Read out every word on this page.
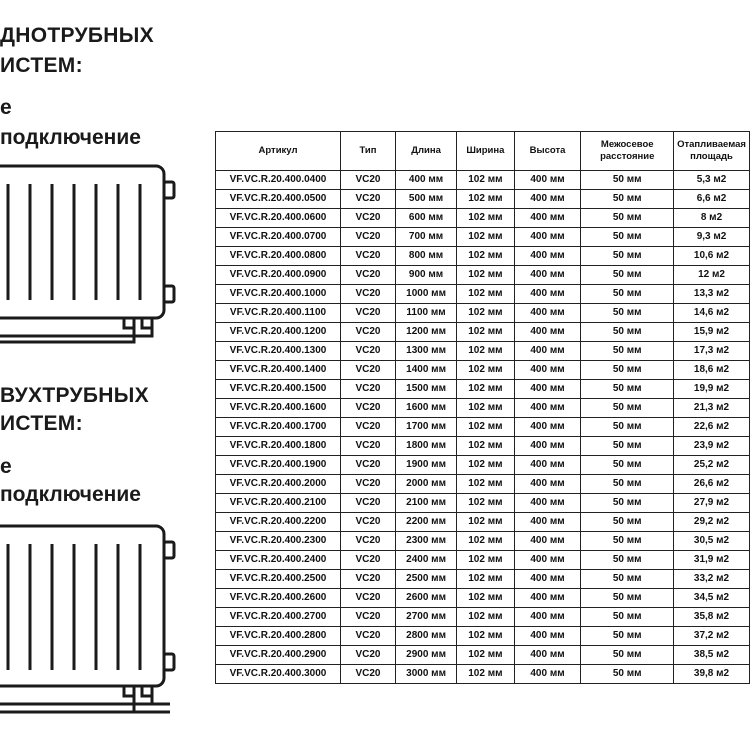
ДНОТРУБНЫХ
ИСТЕМ:
е
подключение
ВУХТРУБНЫХ
ИСТЕМ:
е
подключение
Артикул	Тип	Длина	Ширина	Высота	Межосевое расстояние	Отапливаемая площадь
VF.VC.R.20.400.0400	VC20	400 мм	102 мм	400 мм	50 мм	5,3 м2
VF.VC.R.20.400.0500	VC20	500 мм	102 мм	400 мм	50 мм	6,6 м2
VF.VC.R.20.400.0600	VC20	600 мм	102 мм	400 мм	50 мм	8 м2
VF.VC.R.20.400.0700	VC20	700 мм	102 мм	400 мм	50 мм	9,3 м2
VF.VC.R.20.400.0800	VC20	800 мм	102 мм	400 мм	50 мм	10,6 м2
VF.VC.R.20.400.0900	VC20	900 мм	102 мм	400 мм	50 мм	12 м2
VF.VC.R.20.400.1000	VC20	1000 мм	102 мм	400 мм	50 мм	13,3 м2
VF.VC.R.20.400.1100	VC20	1100 мм	102 мм	400 мм	50 мм	14,6 м2
VF.VC.R.20.400.1200	VC20	1200 мм	102 мм	400 мм	50 мм	15,9 м2
VF.VC.R.20.400.1300	VC20	1300 мм	102 мм	400 мм	50 мм	17,3 м2
VF.VC.R.20.400.1400	VC20	1400 мм	102 мм	400 мм	50 мм	18,6 м2
VF.VC.R.20.400.1500	VC20	1500 мм	102 мм	400 мм	50 мм	19,9 м2
VF.VC.R.20.400.1600	VC20	1600 мм	102 мм	400 мм	50 мм	21,3 м2
VF.VC.R.20.400.1700	VC20	1700 мм	102 мм	400 мм	50 мм	22,6 м2
VF.VC.R.20.400.1800	VC20	1800 мм	102 мм	400 мм	50 мм	23,9 м2
VF.VC.R.20.400.1900	VC20	1900 мм	102 мм	400 мм	50 мм	25,2 м2
VF.VC.R.20.400.2000	VC20	2000 мм	102 мм	400 мм	50 мм	26,6 м2
VF.VC.R.20.400.2100	VC20	2100 мм	102 мм	400 мм	50 мм	27,9 м2
VF.VC.R.20.400.2200	VC20	2200 мм	102 мм	400 мм	50 мм	29,2 м2
VF.VC.R.20.400.2300	VC20	2300 мм	102 мм	400 мм	50 мм	30,5 м2
VF.VC.R.20.400.2400	VC20	2400 мм	102 мм	400 мм	50 мм	31,9 м2
VF.VC.R.20.400.2500	VC20	2500 мм	102 мм	400 мм	50 мм	33,2 м2
VF.VC.R.20.400.2600	VC20	2600 мм	102 мм	400 мм	50 мм	34,5 м2
VF.VC.R.20.400.2700	VC20	2700 мм	102 мм	400 мм	50 мм	35,8 м2
VF.VC.R.20.400.2800	VC20	2800 мм	102 мм	400 мм	50 мм	37,2 м2
VF.VC.R.20.400.2900	VC20	2900 мм	102 мм	400 мм	50 мм	38,5 м2
VF.VC.R.20.400.3000	VC20	3000 мм	102 мм	400 мм	50 мм	39,8 м2
